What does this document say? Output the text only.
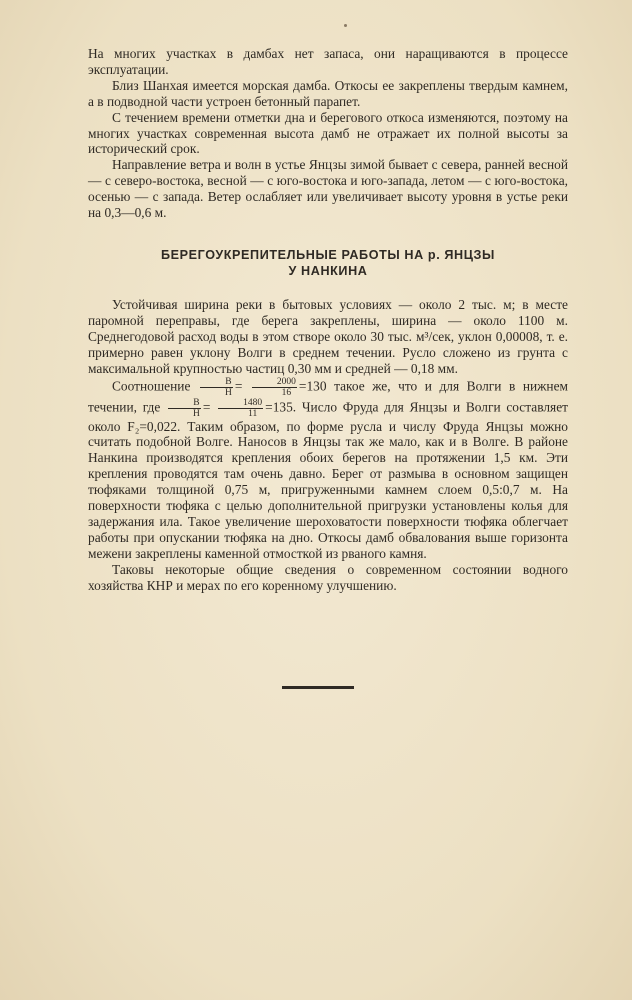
На многих участках в дамбах нет запаса, они наращиваются в процессе эксплуатации.

Близ Шанхая имеется морская дамба. Откосы ее закреплены твердым камнем, а в подводной части устроен бетонный парапет.

С течением времени отметки дна и берегового откоса изменяются, поэтому на многих участках современная высота дамб не отражает их полной высоты за исторический срок.

Направление ветра и волн в устье Янцзы зимой бывает с севера, ранней весной — с северо-востока, весной — с юго-востока и юго-запада, летом — с юго-востока, осенью — с запада. Ветер ослабляет или увеличивает высоту уровня в устье реки на 0,3—0,6 м.

БЕРЕГОУКРЕПИТЕЛЬНЫЕ РАБОТЫ НА р. ЯНЦЗЫ
У НАНКИНА

Устойчивая ширина реки в бытовых условиях — около 2 тыс. м; в месте паромной переправы, где берега закреплены, ширина — около 1100 м. Среднегодовой расход воды в этом створе около 30 тыс. м³/сек, уклон 0,00008, т. е. примерно равен уклону Волги в среднем течении. Русло сложено из грунта с максимальной крупностью частиц 0,30 мм и средней — 0,18 мм.

Соотношение $\frac{B}{H} = \frac{2000}{16} =130$ такое же, что и для Волги в нижнем течении, где $\frac{B}{H} = \frac{1480}{11} =135$. Число Фруда для Янцзы и Волги составляет около F₂=0,022. Таким образом, по форме русла и числу Фруда Янцзы можно считать подобной Волге. Наносов в Янцзы так же мало, как и в Волге. В районе Нанкина производятся крепления обоих берегов на протяжении 1,5 км. Эти крепления проводятся там очень давно. Берег от размыва в основном защищен тюфяками толщиной 0,75 м, пригруженными камнем слоем 0,5:0,7 м. На поверхности тюфяка с целью дополнительной пригрузки установлены колья для задержания ила. Такое увеличение шероховатости поверхности тюфяка облегчает работы при опускании тюфяка на дно. Откосы дамб обвалования выше горизонта межени закреплены каменной отмосткой из рваного камня.

Таковы некоторые общие сведения о современном состоянии водного хозяйства КНР и мерах по его коренному улучшению.
